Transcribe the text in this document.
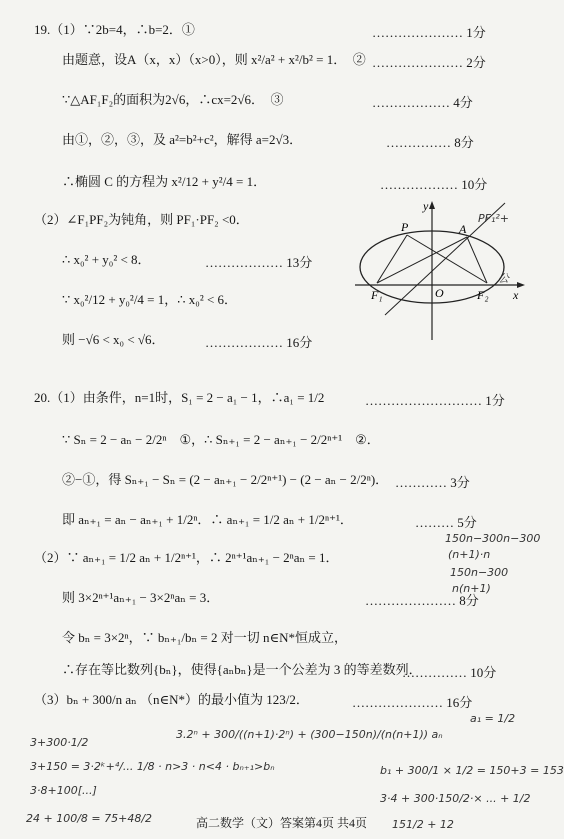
19.（1）∵2b=4，∴b=2．①	………………… 1分
由题意，设A（x，x）（x>0），则 x²/a² + x²/b² = 1．　② ………………… 2分
∵△AF₁F₂的面积为2√6，∴cx=2√6．　③	……………… 4分
由①，②，③，及 a²=b²+c²，解得 a=2√3．	…………… 8分
∴椭圆 C 的方程为 x²/12 + y²/4 = 1．	……………… 10分
（2）∠F₁PF₂为钝角，则 PF₁·PF₂ <0．
∴ x₀² + y₀² < 8．	……………… 13分
∵ x₀²/12 + y₀²/4 = 1，∴ x₀² < 6．
则 −√6 < x₀ < √6．	……………… 16分
y
x
P	A
O
F₁	F₂
20.（1）由条件，n=1时，S₁ = 2 − a₁ − 1，∴a₁ = 1/2	……………………… 1分
∵ Sₙ = 2 − aₙ − 2/2ⁿ　①，∴ Sₙ₊₁ = 2 − aₙ₊₁ − 2/2ⁿ⁺¹　②．
②−①，得 Sₙ₊₁ − Sₙ = (2 − aₙ₊₁ − 2/2ⁿ⁺¹) − (2 − aₙ − 2/2ⁿ)． ………… 3分
即 aₙ₊₁ = aₙ − aₙ₊₁ + 1/2ⁿ．∴ aₙ₊₁ = 1/2 aₙ + 1/2ⁿ⁺¹．	……… 5分
（2）∵ aₙ₊₁ = 1/2 aₙ + 1/2ⁿ⁺¹，∴ 2ⁿ⁺¹aₙ₊₁ − 2ⁿaₙ = 1．
则 3×2ⁿ⁺¹aₙ₊₁ − 3×2ⁿaₙ = 3．	………………… 8分
令 bₙ = 3×2ⁿ，∵ bₙ₊₁/bₙ = 2 对一切 n∈N*恒成立，
∴存在等比数列{bₙ}，使得{aₙbₙ}是一个公差为 3 的等差数列．
…………… 10分
（3）bₙ + 300/n aₙ （n∈N*）的最小值为 123/2．	………………… 16分
PF₁²+
公
150n−300n−300
(n+1)·n
150n−300
n(n+1)
3.2ⁿ + 300/((n+1)·2ⁿ) + (300−150n)/(n(n+1)) aₙ
a₁ = 1/2
3+300·1/2
3+150 = 3·2ᵏ+⁴/... 1/8 · n>3 · n<4 · bₙ₊₁>bₙ	b₁ + 300/1 × 1/2 = 150+3 = 153
3·8+100[...]
3·4 + 300·150/2·× ... + 1/2
24 + 100/8 = 75+48/2	151/2 + 12
高二数学（文）答案第4页 共4页
